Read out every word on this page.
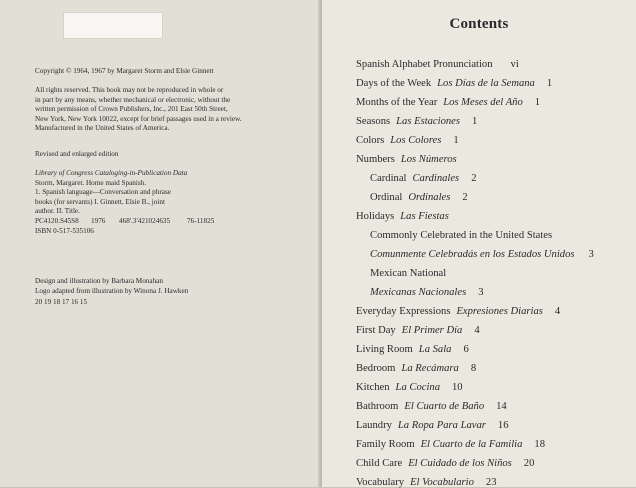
Copyright © 1964, 1967 by Margaret Storm and Elsie Ginnett

All rights reserved. This book may not be reproduced in whole or

in part by any means, whether mechanical or electronic, without the

written permission of Crown Publishers, Inc., 201 East 50th Street,

New York, New York 10022, except for brief passages used in a review.

Manufactured in the United States of America.

Revised and enlarged edition

Library of Congress Cataloging-in-Publication Data

Storm, Margaret. Home maid Spanish.

1. Spanish language—Conversation and phrase

books (for servants) I. Ginnett, Elsie B., joint

author. II. Title.

PC4120.S45S8	1976	468'.3'421024635	76-11825

ISBN 0-517-535106

Design and illustration by Barbara Monahan

Logo adapted from illustration by Winona J. Hawken

20 19 18 17 16 15

Contents
Spanish Alphabet Pronunciation vi
Days of the Week Los Días de la Semana 1
Months of the Year Los Meses del Año 1
Seasons Las Estaciones 1
Colors Los Colores 1
Numbers Los Números
Cardinal Cardinales 2
Ordinal Ordinales 2
Holidays Las Fiestas
Commonly Celebrated in the United States
Comunmente Celebradás en los Estados Unidos 3
Mexican National
Mexicanas Nacionales 3
Everyday Expressions Expresiones Diarias 4
First Day El Primer Día 4
Living Room La Sala 6
Bedroom La Recámara 8
Kitchen La Cocina 10
Bathroom El Cuarto de Baño 14
Laundry La Ropa Para Lavar 16
Family Room El Cuarto de la Familia 18
Child Care El Cuidado de los Niños 20
Vocabulary El Vocabulario 23
